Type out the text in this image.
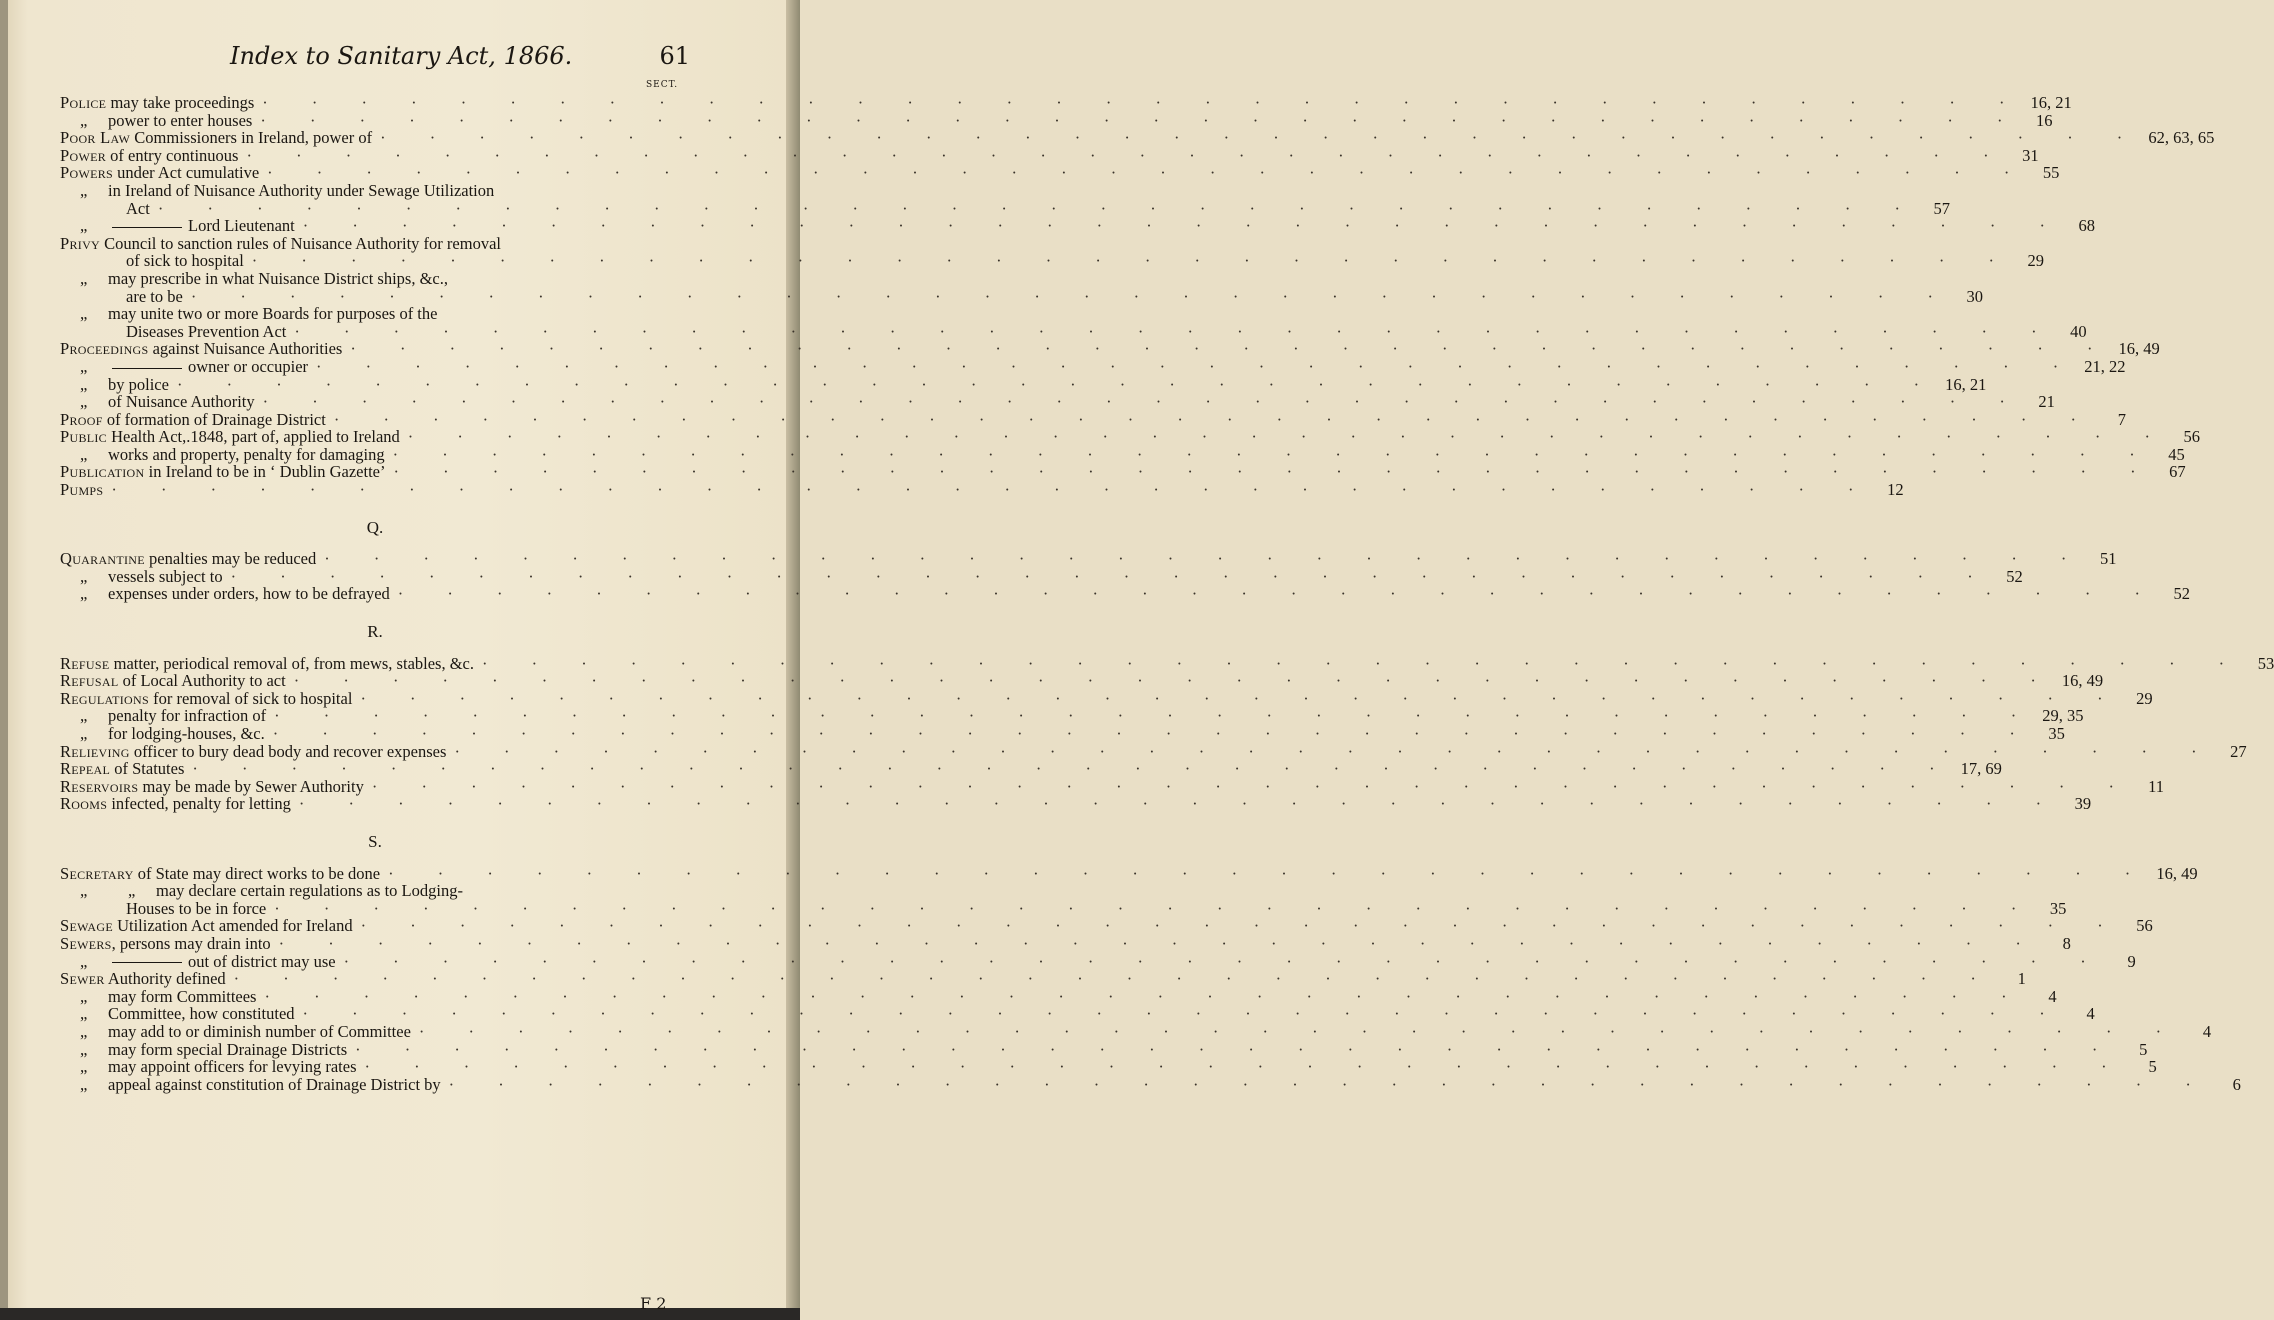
Index to Sanitary Act, 1866.	61
SECT.
Police may take proceedings · · · · · · · · · · · · · · · · · · · · · · · · · · · · · · · · · · · · 16, 21
„ power to enter houses · · · · · · · · · · · · · · · · · · · · · · · · · · · · · · · · · · · · 16
Poor Law Commissioners in Ireland, power of · · · · · · · · · · · · · · · · · · · · · · · · · · · · · · · · · · · · 62, 63, 65
Power of entry continuous · · · · · · · · · · · · · · · · · · · · · · · · · · · · · · · · · · · · 31
Powers under Act cumulative · · · · · · · · · · · · · · · · · · · · · · · · · · · · · · · · · · · · 55
„ in Ireland of Nuisance Authority under Sewage Utilization
Act · · · · · · · · · · · · · · · · · · · · · · · · · · · · · · · · · · · · 57
„	Lord Lieutenant · · · · · · · · · · · · · · · · · · · · · · · · · · · · · · · · · · · · 68
Privy Council to sanction rules of Nuisance Authority for removal
of sick to hospital · · · · · · · · · · · · · · · · · · · · · · · · · · · · · · · · · · · · 29
„ may prescribe in what Nuisance District ships, &c.,
are to be · · · · · · · · · · · · · · · · · · · · · · · · · · · · · · · · · · · · 30
„ may unite two or more Boards for purposes of the
Diseases Prevention Act · · · · · · · · · · · · · · · · · · · · · · · · · · · · · · · · · · · · 40
Proceedings against Nuisance Authorities · · · · · · · · · · · · · · · · · · · · · · · · · · · · · · · · · · · · 16, 49
„	owner or occupier · · · · · · · · · · · · · · · · · · · · · · · · · · · · · · · · · · · · 21, 22
„ by police · · · · · · · · · · · · · · · · · · · · · · · · · · · · · · · · · · · · 16, 21
„ of Nuisance Authority · · · · · · · · · · · · · · · · · · · · · · · · · · · · · · · · · · · · 21
Proof of formation of Drainage District · · · · · · · · · · · · · · · · · · · · · · · · · · · · · · · · · · · ·	7
Public Health Act,.1848, part of, applied to Ireland · · · · · · · · · · · · · · · · · · · · · · · · · · · · · · · · · · · · 56
„ works and property, penalty for damaging · · · · · · · · · · · · · · · · · · · · · · · · · · · · · · · · · · · · 45
Publication in Ireland to be in ‘ Dublin Gazette’ · · · · · · · · · · · · · · · · · · · · · · · · · · · · · · · · · · · · 67
Pumps · · · · · · · · · · · · · · · · · · · · · · · · · · · · · · · · · · · · 12
Q.
Quarantine penalties may be reduced · · · · · · · · · · · · · · · · · · · · · · · · · · · · · · · · · · · · 51
„ vessels subject to · · · · · · · · · · · · · · · · · · · · · · · · · · · · · · · · · · · · 52
„ expenses under orders, how to be defrayed · · · · · · · · · · · · · · · · · · · · · · · · · · · · · · · · · · · · 52
R.
Refuse matter, periodical removal of, from mews, stables, &c. · · · · · · · · · · · · · · · · · · · · · · · · · · · · · · · · · · · · 53
Refusal of Local Authority to act · · · · · · · · · · · · · · · · · · · · · · · · · · · · · · · · · · · · 16, 49
Regulations for removal of sick to hospital · · · · · · · · · · · · · · · · · · · · · · · · · · · · · · · · · · · · 29
„ penalty for infraction of · · · · · · · · · · · · · · · · · · · · · · · · · · · · · · · · · · · · 29, 35
„ for lodging-houses, &c. · · · · · · · · · · · · · · · · · · · · · · · · · · · · · · · · · · · · 35
Relieving officer to bury dead body and recover expenses · · · · · · · · · · · · · · · · · · · · · · · · · · · · · · · · · · · · 27
Repeal of Statutes · · · · · · · · · · · · · · · · · · · · · · · · · · · · · · · · · · · · 17, 69
Reservoirs may be made by Sewer Authority · · · · · · · · · · · · · · · · · · · · · · · · · · · · · · · · · · · · 11
Rooms infected, penalty for letting · · · · · · · · · · · · · · · · · · · · · · · · · · · · · · · · · · · · 39
S.
Secretary of State may direct works to be done · · · · · · · · · · · · · · · · · · · · · · · · · · · · · · · · · · · · 16, 49
„ „ may declare certain regulations as to Lodging-
Houses to be in force · · · · · · · · · · · · · · · · · · · · · · · · · · · · · · · · · · · · 35
Sewage Utilization Act amended for Ireland · · · · · · · · · · · · · · · · · · · · · · · · · · · · · · · · · · · · 56
Sewers, persons may drain into · · · · · · · · · · · · · · · · · · · · · · · · · · · · · · · · · · · ·	8
„	out of district may use · · · · · · · · · · · · · · · · · · · · · · · · · · · · · · · · · · · ·	9
Sewer Authority defined · · · · · · · · · · · · · · · · · · · · · · · · · · · · · · · · · · · ·	1
„ may form Committees · · · · · · · · · · · · · · · · · · · · · · · · · · · · · · · · · · · ·	4
„ Committee, how constituted · · · · · · · · · · · · · · · · · · · · · · · · · · · · · · · · · · · ·	4
„ may add to or diminish number of Committee · · · · · · · · · · · · · · · · · · · · · · · · · · · · · · · · · · · ·	4
„ may form special Drainage Districts · · · · · · · · · · · · · · · · · · · · · · · · · · · · · · · · · · · ·	5
„ may appoint officers for levying rates · · · · · · · · · · · · · · · · · · · · · · · · · · · · · · · · · · · ·	5
„ appeal against constitution of Drainage District by · · · · · · · · · · · · · · · · · · · · · · · · · · · · · · · · · · · ·	6
F 2
